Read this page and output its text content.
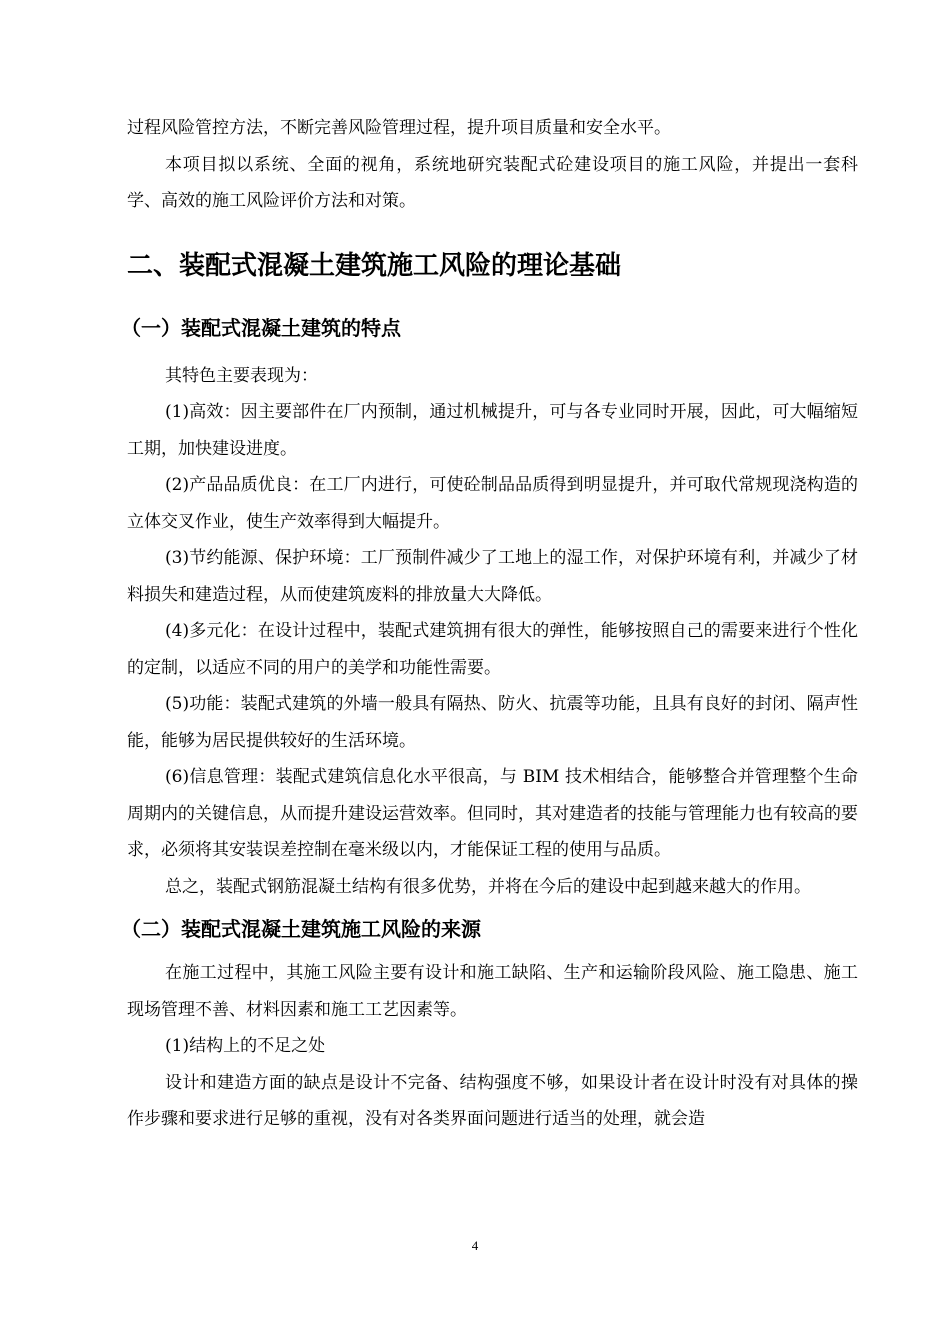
过程风险管控方法，不断完善风险管理过程，提升项目质量和安全水平。

本项目拟以系统、全面的视角，系统地研究装配式砼建设项目的施工风险，并提出一套科学、高效的施工风险评价方法和对策。

二、装配式混凝土建筑施工风险的理论基础
（一）装配式混凝土建筑的特点

其特色主要表现为：

(1)高效：因主要部件在厂内预制，通过机械提升，可与各专业同时开展，因此，可大幅缩短工期，加快建设进度。

(2)产品品质优良：在工厂内进行，可使砼制品品质得到明显提升，并可取代常规现浇构造的立体交叉作业，使生产效率得到大幅提升。

(3)节约能源、保护环境：工厂预制件减少了工地上的湿工作，对保护环境有利，并减少了材料损失和建造过程，从而使建筑废料的排放量大大降低。

(4)多元化：在设计过程中，装配式建筑拥有很大的弹性，能够按照自己的需要来进行个性化的定制，以适应不同的用户的美学和功能性需要。

(5)功能：装配式建筑的外墙一般具有隔热、防火、抗震等功能，且具有良好的封闭、隔声性能，能够为居民提供较好的生活环境。

(6)信息管理：装配式建筑信息化水平很高，与 BIM 技术相结合，能够整合并管理整个生命周期内的关键信息，从而提升建设运营效率。但同时，其对建造者的技能与管理能力也有较高的要求，必须将其安装误差控制在毫米级以内，才能保证工程的使用与品质。

总之，装配式钢筋混凝土结构有很多优势，并将在今后的建设中起到越来越大的作用。

（二）装配式混凝土建筑施工风险的来源

在施工过程中，其施工风险主要有设计和施工缺陷、生产和运输阶段风险、施工隐患、施工现场管理不善、材料因素和施工工艺因素等。

(1)结构上的不足之处

设计和建造方面的缺点是设计不完备、结构强度不够，如果设计者在设计时没有对具体的操作步骤和要求进行足够的重视，没有对各类界面问题进行适当的处理，就会造

4
